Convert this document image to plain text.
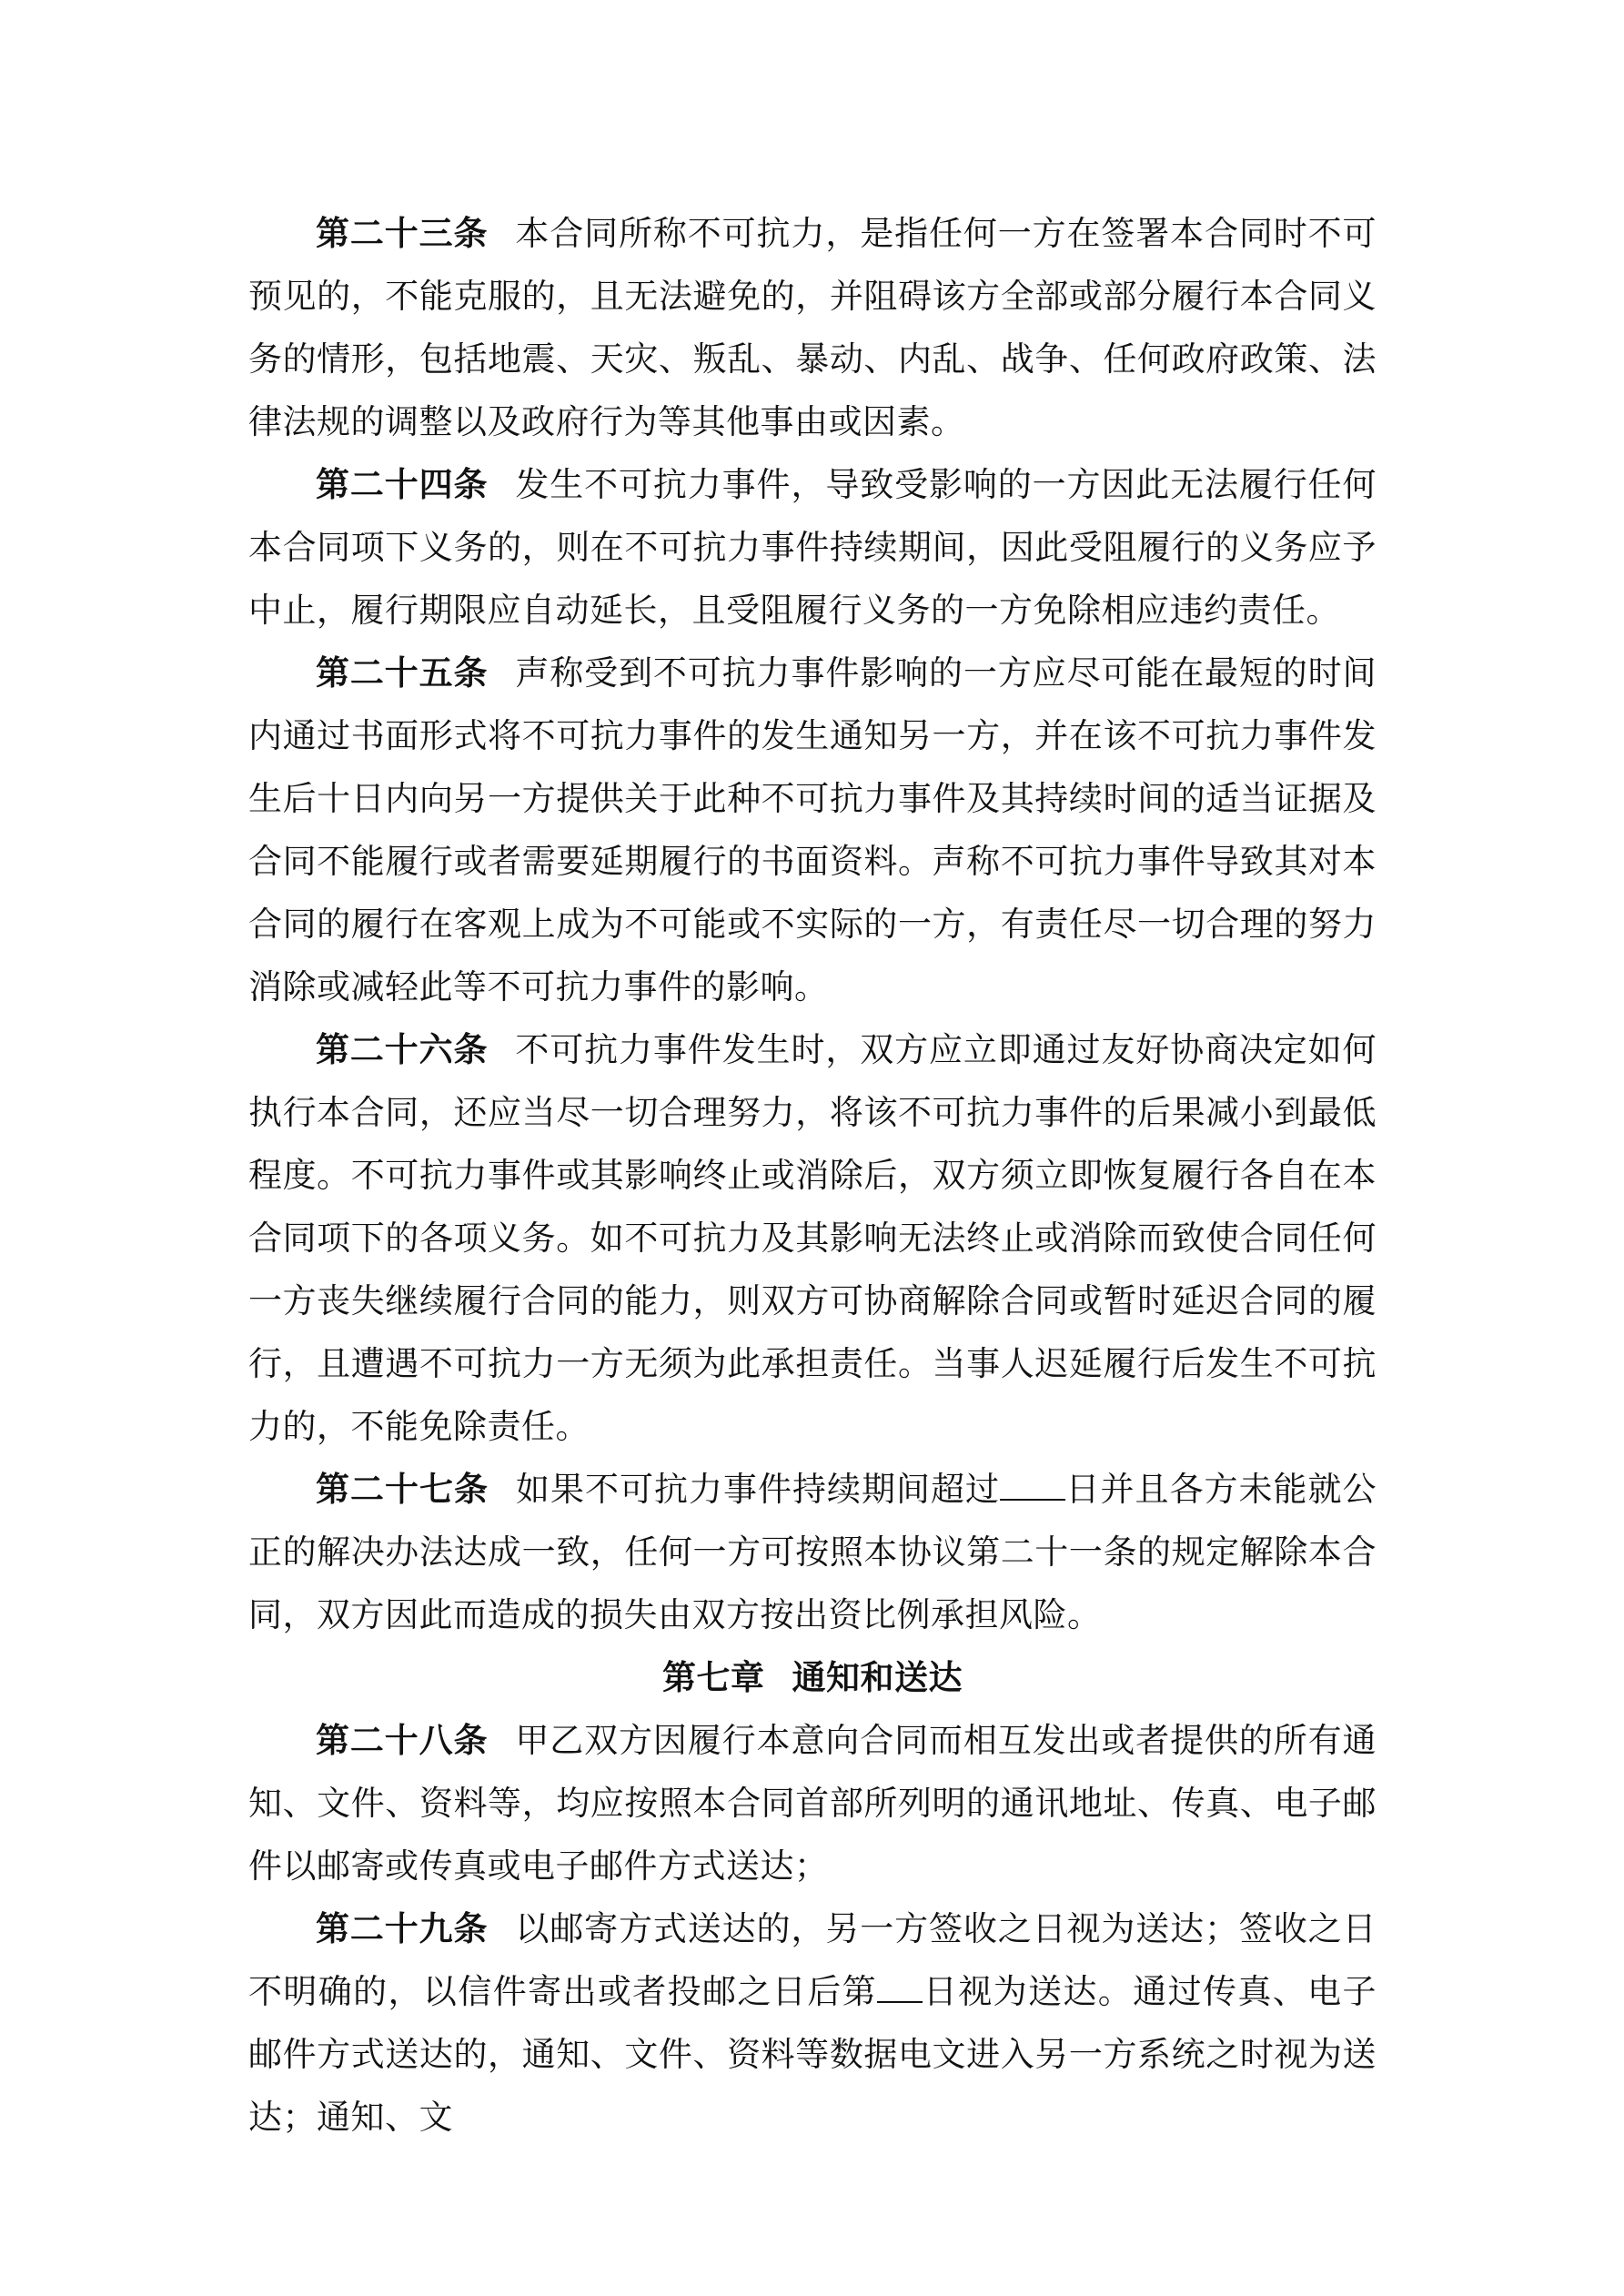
第二十三条 本合同所称不可抗力，是指任何一方在签署本合同时不可预见的，不能克服的，且无法避免的，并阻碍该方全部或部分履行本合同义务的情形，包括地震、天灾、叛乱、暴动、内乱、战争、任何政府政策、法律法规的调整以及政府行为等其他事由或因素。

第二十四条 发生不可抗力事件，导致受影响的一方因此无法履行任何本合同项下义务的，则在不可抗力事件持续期间，因此受阻履行的义务应予中止，履行期限应自动延长，且受阻履行义务的一方免除相应违约责任。

第二十五条 声称受到不可抗力事件影响的一方应尽可能在最短的时间内通过书面形式将不可抗力事件的发生通知另一方，并在该不可抗力事件发生后十日内向另一方提供关于此种不可抗力事件及其持续时间的适当证据及合同不能履行或者需要延期履行的书面资料。声称不可抗力事件导致其对本合同的履行在客观上成为不可能或不实际的一方，有责任尽一切合理的努力消除或减轻此等不可抗力事件的影响。

第二十六条 不可抗力事件发生时，双方应立即通过友好协商决定如何执行本合同，还应当尽一切合理努力，将该不可抗力事件的后果减小到最低程度。不可抗力事件或其影响终止或消除后，双方须立即恢复履行各自在本合同项下的各项义务。如不可抗力及其影响无法终止或消除而致使合同任何一方丧失继续履行合同的能力，则双方可协商解除合同或暂时延迟合同的履行，且遭遇不可抗力一方无须为此承担责任。当事人迟延履行后发生不可抗力的，不能免除责任。

第二十七条 如果不可抗力事件持续期间超过 日并且各方未能就公正的解决办法达成一致，任何一方可按照本协议第二十一条的规定解除本合同，双方因此而造成的损失由双方按出资比例承担风险。

第七章 通知和送达

第二十八条 甲乙双方因履行本意向合同而相互发出或者提供的所有通知、文件、资料等，均应按照本合同首部所列明的通讯地址、传真、电子邮件以邮寄或传真或电子邮件方式送达；

第二十九条 以邮寄方式送达的，另一方签收之日视为送达；签收之日不明确的，以信件寄出或者投邮之日后第 日视为送达。通过传真、电子邮件方式送达的，通知、文件、资料等数据电文进入另一方系统之时视为送达；通知、文
